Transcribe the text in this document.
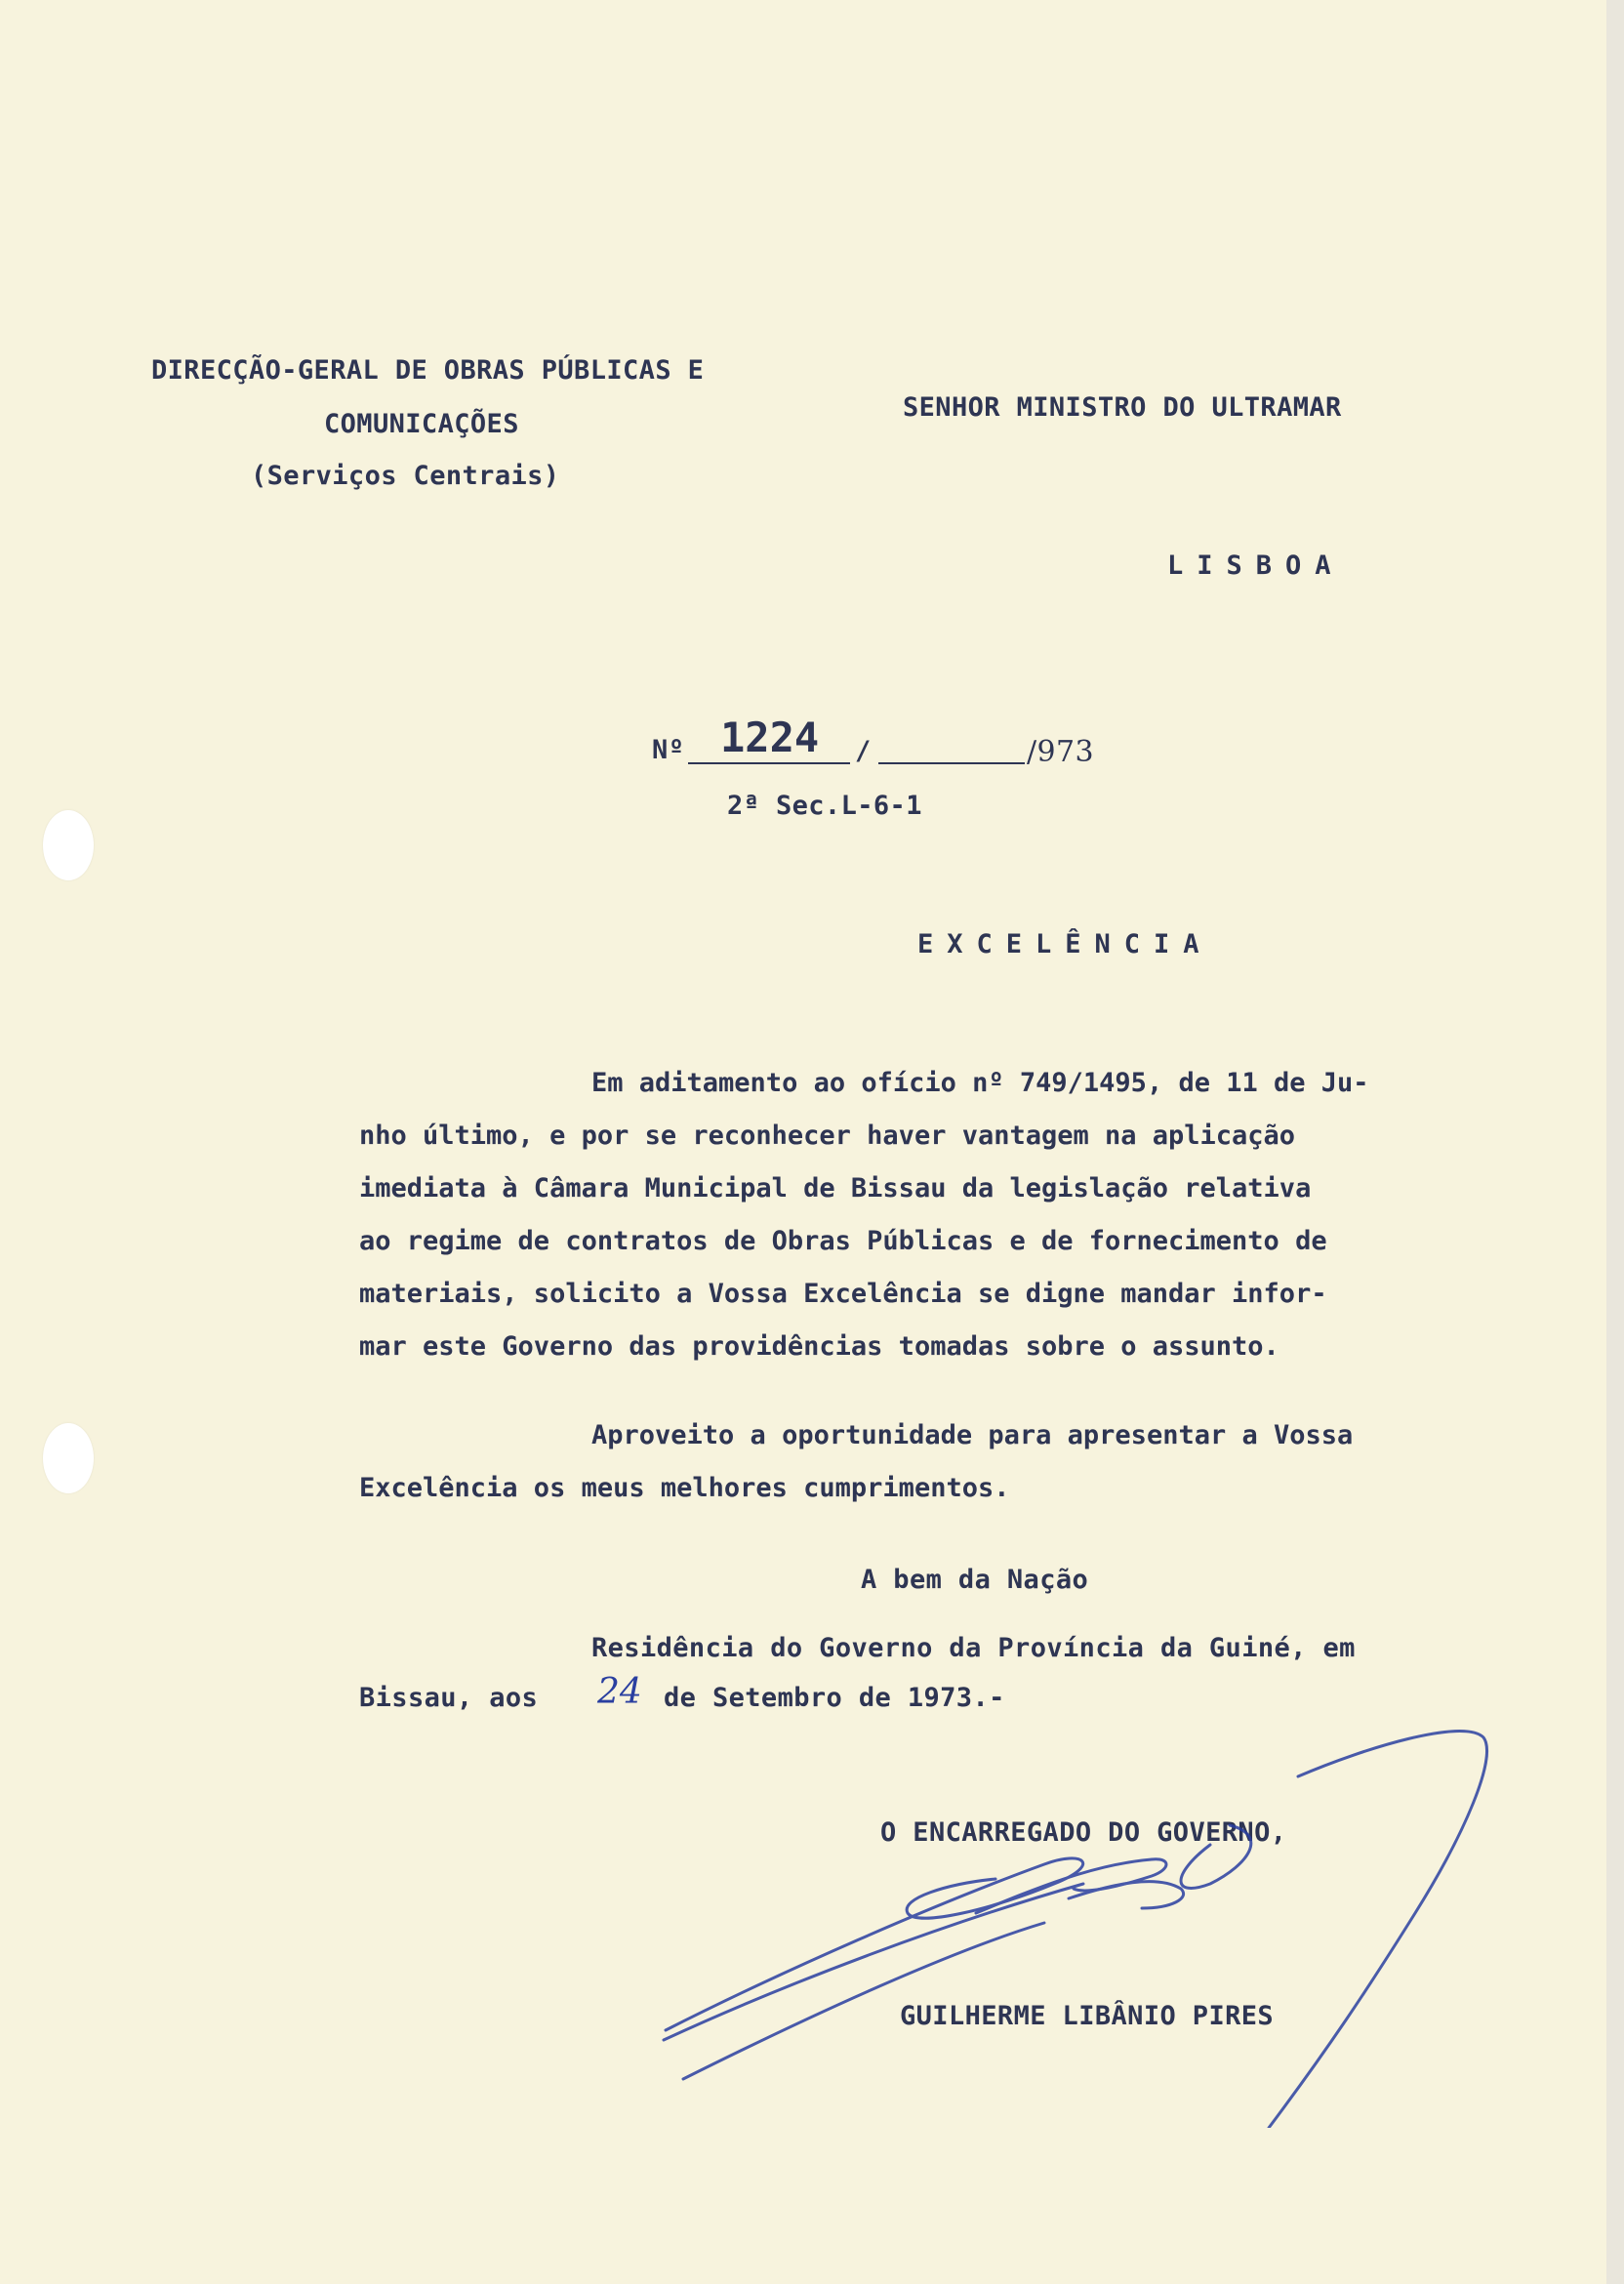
DIRECÇÃO-GERAL DE OBRAS PÚBLICAS E
COMUNICAÇÕES
(Serviços Centrais)
SENHOR MINISTRO DO ULTRAMAR
LISBOA
Nº 1224 /	/973
2ª Sec.L-6-1
EXCELÊNCIA
Em aditamento ao ofício nº 749/1495, de 11 de Ju-
nho último, e por se reconhecer haver vantagem na aplicação
imediata à Câmara Municipal de Bissau da legislação relativa
ao regime de contratos de Obras Públicas e de fornecimento de
materiais, solicito a Vossa Excelência se digne mandar infor-
mar este Governo das providências tomadas sobre o assunto.
Aproveito a oportunidade para apresentar a Vossa
Excelência os meus melhores cumprimentos.
A bem da Nação
Residência do Governo da Província da Guiné, em
Bissau, aos 24 de Setembro de 1973.-
O ENCARREGADO DO GOVERNO,
GUILHERME LIBÂNIO PIRES
